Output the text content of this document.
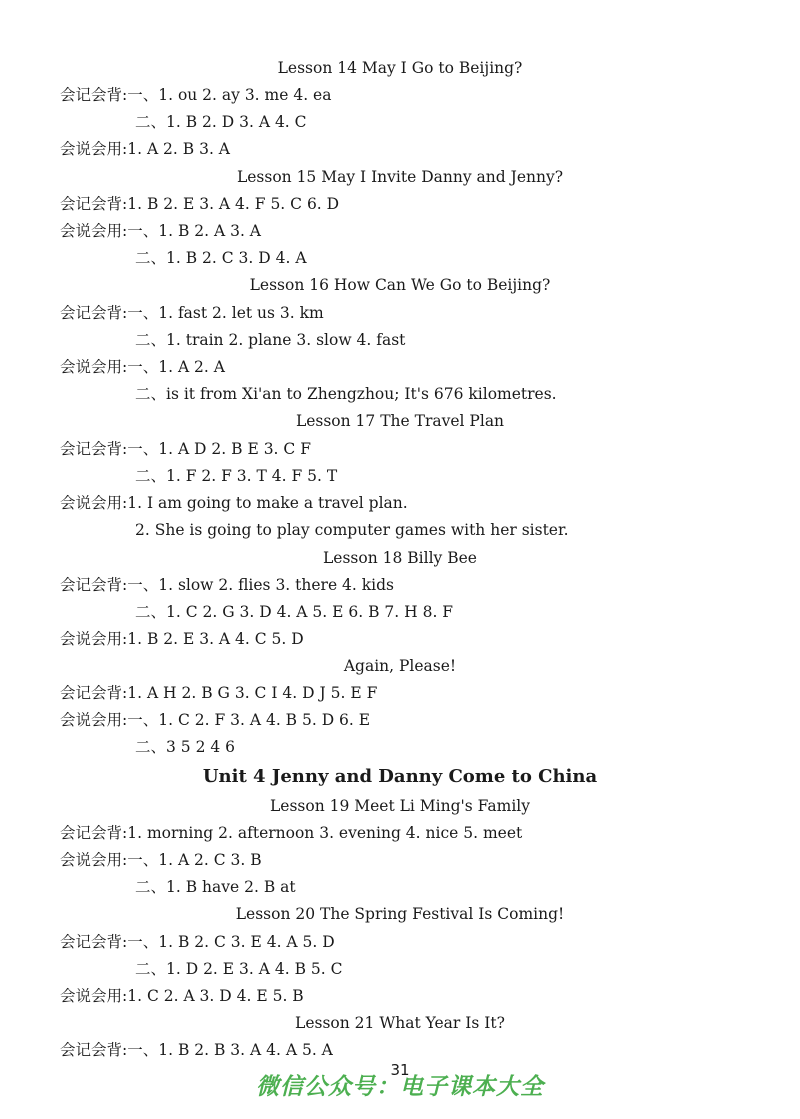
Lesson 14 May I Go to Beijing?
会记会背:一、1. ou 2. ay 3. me 4. ea
二、1. B 2. D 3. A 4. C
会说会用:1. A 2. B 3. A
Lesson 15 May I Invite Danny and Jenny?
会记会背:1. B 2. E 3. A 4. F 5. C 6. D
会说会用:一、1. B 2. A 3. A
二、1. B 2. C 3. D 4. A
Lesson 16 How Can We Go to Beijing?
会记会背:一、1. fast 2. let us 3. km
二、1. train 2. plane 3. slow 4. fast
会说会用:一、1. A 2. A
二、is it from Xi'an to Zhengzhou; It's 676 kilometres.
Lesson 17 The Travel Plan
会记会背:一、1. A D 2. B E 3. C F
二、1. F 2. F 3. T 4. F 5. T
会说会用:1. I am going to make a travel plan.
2. She is going to play computer games with her sister.
Lesson 18 Billy Bee
会记会背:一、1. slow 2. flies 3. there 4. kids
二、1. C 2. G 3. D 4. A 5. E 6. B 7. H 8. F
会说会用:1. B 2. E 3. A 4. C 5. D
Again, Please!
会记会背:1. A H 2. B G 3. C I 4. D J 5. E F
会说会用:一、1. C 2. F 3. A 4. B 5. D 6. E
二、3 5 2 4 6
Unit 4 Jenny and Danny Come to China
Lesson 19 Meet Li Ming's Family
会记会背:1. morning 2. afternoon 3. evening 4. nice 5. meet
会说会用:一、1. A 2. C 3. B
二、1. B have 2. B at
Lesson 20 The Spring Festival Is Coming!
会记会背:一、1. B 2. C 3. E 4. A 5. D
二、1. D 2. E 3. A 4. B 5. C
会说会用:1. C 2. A 3. D 4. E 5. B
Lesson 21 What Year Is It?
会记会背:一、1. B 2. B 3. A 4. A 5. A
31
微信公众号：电子课本大全
